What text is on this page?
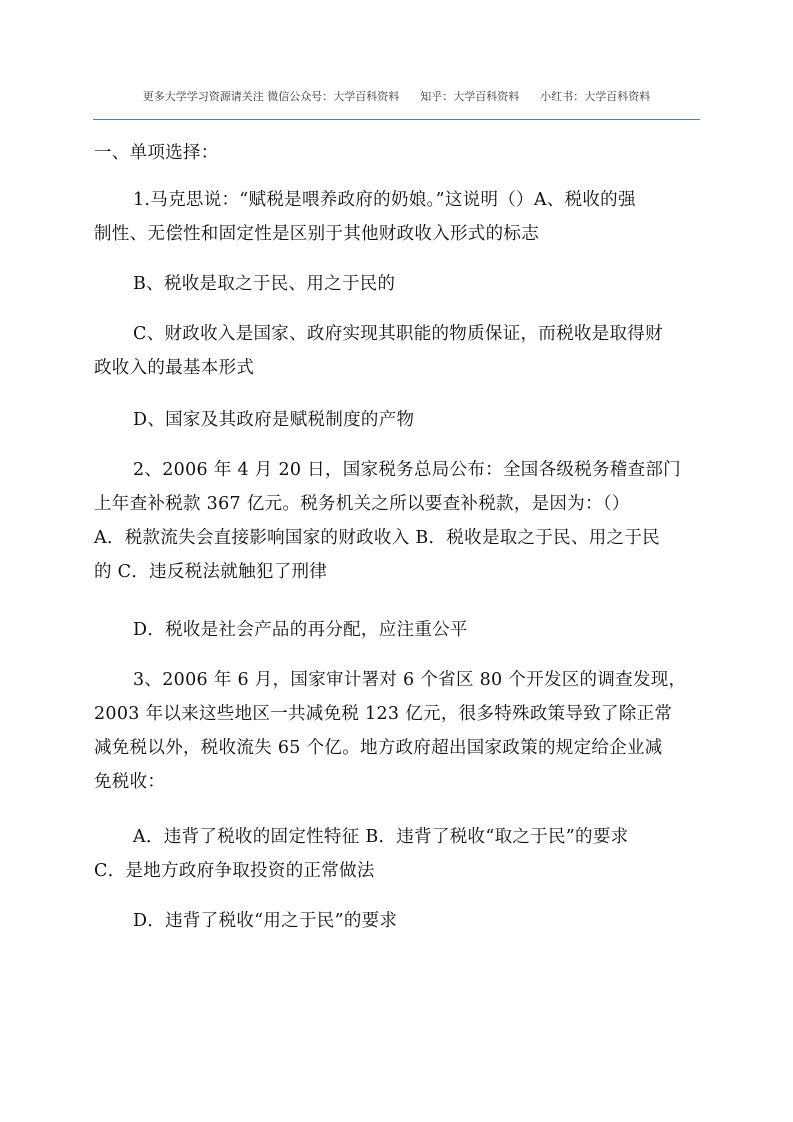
更多大学学习资源请关注 微信公众号：大学百科资料      知乎：大学百科资料      小红书：大学百科资料
一、单项选择：
1.马克思说：“赋税是喂养政府的奶娘。”这说明（）A、税收的强
制性、无偿性和固定性是区别于其他财政收入形式的标志
B、税收是取之于民、用之于民的
C、财政收入是国家、政府实现其职能的物质保证，而税收是取得财
政收入的最基本形式
D、国家及其政府是赋税制度的产物
2、2006 年 4 月 20 日，国家税务总局公布：全国各级税务稽查部门
上年查补税款 367 亿元。税务机关之所以要查补税款，是因为：（）
A．税款流失会直接影响国家的财政收入 B．税收是取之于民、用之于民
的 C．违反税法就触犯了刑律
D．税收是社会产品的再分配，应注重公平
3、2006 年 6 月，国家审计署对 6 个省区 80 个开发区的调查发现，
2003 年以来这些地区一共减免税 123 亿元，很多特殊政策导致了除正常
减免税以外，税收流失 65 个亿。地方政府超出国家政策的规定给企业减
免税收：
A．违背了税收的固定性特征 B．违背了税收“取之于民”的要求
C．是地方政府争取投资的正常做法
D．违背了税收“用之于民”的要求
